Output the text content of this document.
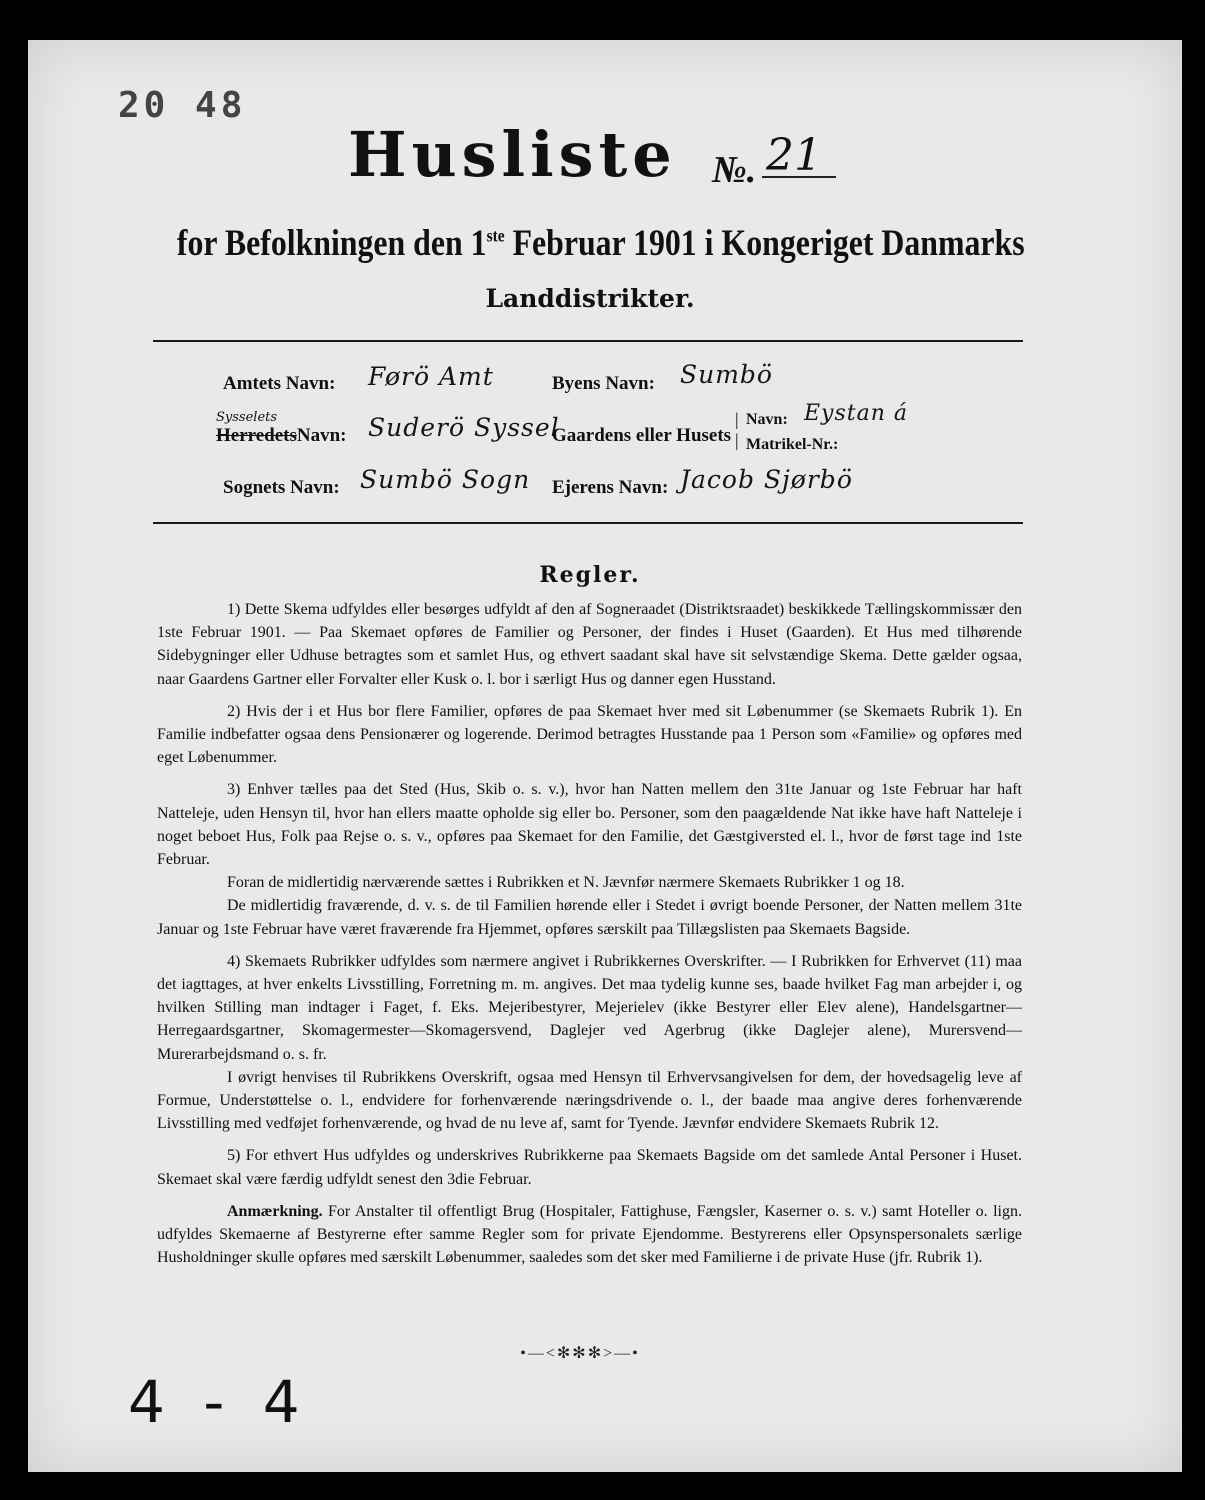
20 48
Husliste №. 21
for Befolkningen den 1ste Februar 1901 i Kongeriget Danmarks
Landdistrikter.
Amtets Navn: Førö Amt
Sysselets
HerredetsNavn: Suderö Syssel
Sognets Navn: Sumbö Sogn
Byens Navn: Sumbö
Gaardens eller Husets
|
|
Navn: Eystan á
Matrikel-Nr.:
Ejerens Navn: Jacob Sjørbö
Regler.

1) Dette Skema udfyldes eller besørges udfyldt af den af Sogneraadet (Distriktsraadet) beskikkede Tællingskommissær den 1ste Februar 1901. — Paa Skemaet opføres de Familier og Personer, der findes i Huset (Gaarden). Et Hus med tilhørende Sidebygninger eller Udhuse betragtes som et samlet Hus, og ethvert saadant skal have sit selvstændige Skema. Dette gælder ogsaa, naar Gaardens Gartner eller Forvalter eller Kusk o. l. bor i særligt Hus og danner egen Husstand.

2) Hvis der i et Hus bor flere Familier, opføres de paa Skemaet hver med sit Løbenummer (se Skemaets Rubrik 1). En Familie indbefatter ogsaa dens Pensionærer og logerende. Derimod betragtes Husstande paa 1 Person som «Familie» og opføres med eget Løbenummer.

3) Enhver tælles paa det Sted (Hus, Skib o. s. v.), hvor han Natten mellem den 31te Januar og 1ste Februar har haft Natteleje, uden Hensyn til, hvor han ellers maatte opholde sig eller bo. Personer, som den paagældende Nat ikke have haft Natteleje i noget beboet Hus, Folk paa Rejse o. s. v., opføres paa Skemaet for den Familie, det Gæstgiversted el. l., hvor de først tage ind 1ste Februar.

Foran de midlertidig nærværende sættes i Rubrikken et N. Jævnfør nærmere Skemaets Rubrikker 1 og 18.

De midlertidig fraværende, d. v. s. de til Familien hørende eller i Stedet i øvrigt boende Personer, der Natten mellem 31te Januar og 1ste Februar have været fraværende fra Hjemmet, opføres særskilt paa Tillægslisten paa Skemaets Bagside.

4) Skemaets Rubrikker udfyldes som nærmere angivet i Rubrikkernes Overskrifter. — I Rubrikken for Erhvervet (11) maa det iagttages, at hver enkelts Livsstilling, Forretning m. m. angives. Det maa tydelig kunne ses, baade hvilket Fag man arbejder i, og hvilken Stilling man indtager i Faget, f. Eks. Mejeribestyrer, Mejerielev (ikke Bestyrer eller Elev alene), Handelsgartner—Herregaardsgartner, Skomagermester—Skomagersvend, Daglejer ved Agerbrug (ikke Daglejer alene), Murersvend—Murerarbejdsmand o. s. fr.

I øvrigt henvises til Rubrikkens Overskrift, ogsaa med Hensyn til Erhvervsangivelsen for dem, der hovedsagelig leve af Formue, Understøttelse o. l., endvidere for forhenværende næringsdrivende o. l., der baade maa angive deres forhenværende Livsstilling med vedføjet forhenværende, og hvad de nu leve af, samt for Tyende. Jævnfør endvidere Skemaets Rubrik 12.

5) For ethvert Hus udfyldes og underskrives Rubrikkerne paa Skemaets Bagside om det samlede Antal Personer i Huset. Skemaet skal være færdig udfyldt senest den 3die Februar.

Anmærkning. For Anstalter til offentligt Brug (Hospitaler, Fattighuse, Fængsler, Kaserner o. s. v.) samt Hoteller o. lign. udfyldes Skemaerne af Bestyrerne efter samme Regler som for private Ejendomme. Bestyrerens eller Opsynspersonalets særlige Husholdninger skulle opføres med særskilt Løbenummer, saaledes som det sker med Familierne i de private Huse (jfr. Rubrik 1).

•—<✻✻✻>—•
4 - 4
